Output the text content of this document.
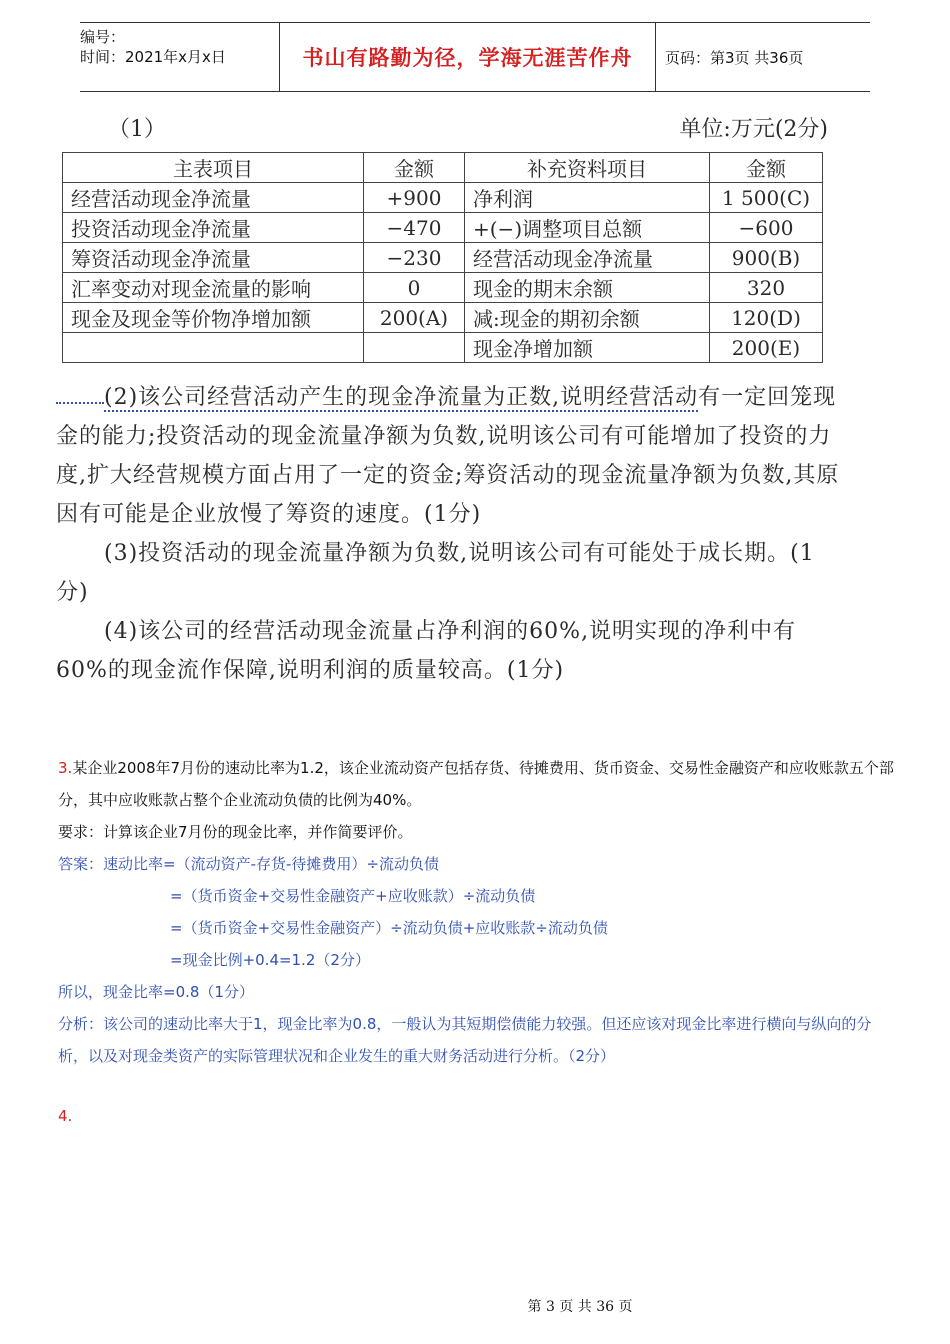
编号：
时间：2021年x月x日	书山有路勤为径，学海无涯苦作舟	页码：第3页 共36页
（1）	单位:万元(2分)
主表项目	金额	补充资料项目	金额
经营活动现金净流量	+900	净利润	1 500(C)
投资活动现金净流量	−470	+(−)调整项目总额	−600
筹资活动现金净流量	−230	经营活动现金净流量	900(B)
汇率变动对现金流量的影响	0	现金的期末余额	320
现金及现金等价物净增加额	200(A)	减:现金的期初余额	120(D)
		现金净增加额	200(E)
(2)该公司经营活动产生的现金净流量为正数,说明经营活动有一定回笼现金的能力;投资活动的现金流量净额为负数,说明该公司有可能增加了投资的力度,扩大经营规模方面占用了一定的资金;筹资活动的现金流量净额为负数,其原因有可能是企业放慢了筹资的速度。(1分)
(3)投资活动的现金流量净额为负数,说明该公司有可能处于成长期。(1分)
(4)该公司的经营活动现金流量占净利润的60%,说明实现的净利中有60%的现金流作保障,说明利润的质量较高。(1分)
3.某企业2008年7月份的速动比率为1.2，该企业流动资产包括存货、待摊费用、货币资金、交易性金融资产和应收账款五个部分，其中应收账款占整个企业流动负债的比例为40%。
要求：计算该企业7月份的现金比率，并作简要评价。
答案：速动比率=（流动资产-存货-待摊费用）÷流动负债
=（货币资金+交易性金融资产+应收账款）÷流动负债
=（货币资金+交易性金融资产）÷流动负债+应收账款÷流动负债
=现金比例+0.4=1.2（2分）
所以，现金比率=0.8（1分）
分析：该公司的速动比率大于1，现金比率为0.8，一般认为其短期偿债能力较强。但还应该对现金比率进行横向与纵向的分析，以及对现金类资产的实际管理状况和企业发生的重大财务活动进行分析。（2分）
4.
第 3 页 共 36 页
